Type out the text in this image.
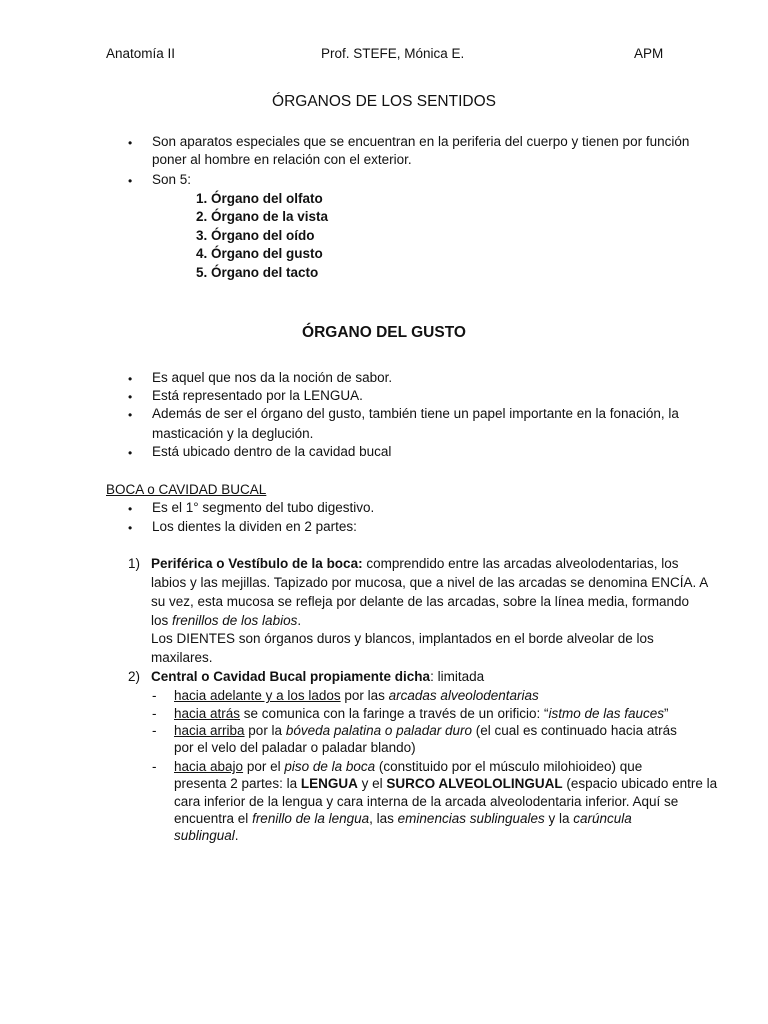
Anatomía II	Prof. STEFE, Mónica E.	APM
ÓRGANOS DE LOS SENTIDOS
• Son aparatos especiales que se encuentran en la periferia del cuerpo y tienen por función
poner al hombre en relación con el exterior.
• Son 5:
1. Órgano del olfato
2. Órgano de la vista
3. Órgano del oído
4. Órgano del gusto
5. Órgano del tacto
ÓRGANO DEL GUSTO
• Es aquel que nos da la noción de sabor.
• Está representado por la LENGUA.
• Además de ser el órgano del gusto, también tiene un papel importante en la fonación, la
masticación y la deglución.
• Está ubicado dentro de la cavidad bucal
BOCA o CAVIDAD BUCAL
• Es el 1° segmento del tubo digestivo.
• Los dientes la dividen en 2 partes:
1) Periférica o Vestíbulo de la boca: comprendido entre las arcadas alveolodentarias, los
labios y las mejillas. Tapizado por mucosa, que a nivel de las arcadas se denomina ENCÍA. A
su vez, esta mucosa se refleja por delante de las arcadas, sobre la línea media, formando
los frenillos de los labios.
Los DIENTES son órganos duros y blancos, implantados en el borde alveolar de los
maxilares.
2) Central o Cavidad Bucal propiamente dicha: limitada
- hacia adelante y a los lados por las arcadas alveolodentarias
- hacia atrás se comunica con la faringe a través de un orificio: “istmo de las fauces”
- hacia arriba por la bóveda palatina o paladar duro (el cual es continuado hacia atrás
por el velo del paladar o paladar blando)
- hacia abajo por el piso de la boca (constituido por el músculo milohioideo) que
presenta 2 partes: la LENGUA y el SURCO ALVEOLOLINGUAL (espacio ubicado entre la
cara inferior de la lengua y cara interna de la arcada alveolodentaria inferior. Aquí se
encuentra el frenillo de la lengua, las eminencias sublinguales y la carúncula
sublingual.
